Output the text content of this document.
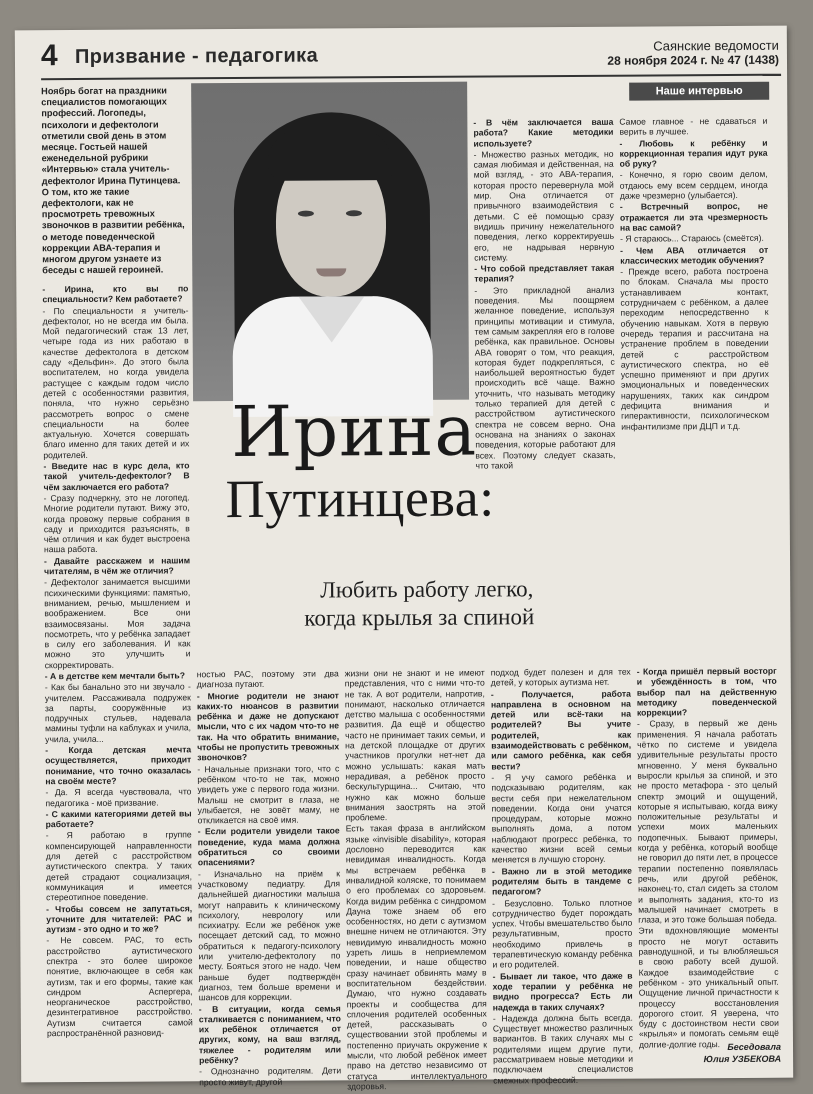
4 Призвание - педагогика	Саянские ведомости
28 ноября 2024 г. № 47 (1438)

Ноябрь богат на праздники специалистов помогающих профессий. Логопеды, психологи и дефектологи отметили свой день в этом месяце. Гостьей нашей еженедельной рубрики «Интервью» стала учитель-дефектолог Ирина Путинцева. О том, кто же такие дефектологи, как не просмотреть тревожных звоночков в развитии ребёнка, о методе поведенческой коррекции АВА-терапия и многом другом узнаете из беседы с нашей героиней.

Наше интервью

- Ирина, кто вы по специальности? Кем работаете?

- По специальности я учитель-дефектолог, но не всегда им была. Мой педагогический стаж 13 лет, четыре года из них работаю в качестве дефектолога в детском саду «Дельфин». До этого была воспитателем, но когда увидела растущее с каждым годом число детей с особенностями развития, поняла, что нужно серьёзно рассмотреть вопрос о смене специальности на более актуальную. Хочется совершать благо именно для таких детей и их родителей.

- Введите нас в курс дела, кто такой учитель-дефектолог? В чём заключается его работа?

- Сразу подчеркну, это не логопед. Многие родители путают. Вижу это, когда провожу первые собрания в саду и приходится разъяснять, в чём отличия и как будет выстроена наша работа.

- Давайте расскажем и нашим читателям, в чём же отличия?

- Дефектолог занимается высшими психическими функциями: памятью, вниманием, речью, мышлением и воображением. Все они взаимосвязаны. Моя задача посмотреть, что у ребёнка западает в силу его заболевания. И как можно это улучшить и скорректировать.

- А в детстве кем мечтали быть?

- Как бы банально это ни звучало - учителем. Рассаживала подружек за парты, сооружённые из подручных стульев, надевала мамины туфли на каблуках и учила, учила, учила...

- Когда детская мечта осуществляется, приходит понимание, что точно оказалась на своём месте?

- Да. Я всегда чувствовала, что педагогика - моё призвание.

- С какими категориями детей вы работаете?

- Я работаю в группе компенсирующей направленности для детей с расстройством аутистического спектра. У таких детей страдают социализация, коммуникация и имеется стереотипное поведение.

- Чтобы совсем не запутаться, уточните для читателей: РАС и аутизм - это одно и то же?

- Не совсем. РАС, то есть расстройство аутистического спектра - это более широкое понятие, включающее в себя как аутизм, так и его формы, такие как синдром Аспергера, неорганическое расстройство, дезинтегративное расстройство. Аутизм считается самой распространённой разновид-

- В чём заключается ваша работа? Какие методики используете?

- Множество разных методик, но самая любимая и действенная, на мой взгляд, - это АВА-терапия, которая просто перевернула мой мир. Она отличается от привычного взаимодействия с детьми. С её помощью сразу видишь причину нежелательного поведения, легко корректируешь его, не надрывая нервную систему.

- Что собой представляет такая терапия?

- Это прикладной анализ поведения. Мы поощряем желанное поведение, используя принципы мотивации и стимула, тем самым закрепляя его в голове ребёнка, как правильное. Основы АВА говорят о том, что реакция, которая будет подкрепляться, с наибольшей вероятностью будет происходить всё чаще. Важно уточнить, что называть методику только терапией для детей с расстройством аутистического спектра не совсем верно. Она основана на знаниях о законах поведения, которые работают для всех. Поэтому следует сказать, что такой

Самое главное - не сдаваться и верить в лучшее.

- Любовь к ребёнку и коррекционная терапия идут рука об руку?

- Конечно, я горю своим делом, отдаюсь ему всем сердцем, иногда даже чрезмерно (улыбается).

- Встречный вопрос, не отражается ли эта чрезмерность на вас самой?

- Я стараюсь... Стараюсь (смеётся).

- Чем АВА отличается от классических методик обучения?

- Прежде всего, работа построена по блокам. Сначала мы просто устанавливаем контакт, сотрудничаем с ребёнком, а далее переходим непосредственно к обучению навыкам. Хотя в первую очередь терапия и рассчитана на устранение проблем в поведении детей с расстройством аутистического спектра, но её успешно применяют и при других эмоциональных и поведенческих нарушениях, таких как синдром дефицита внимания и гиперактивности, психологическом инфантилизме при ДЦП и т.д.

Ирина
Путинцева:
Любить работу легко,
когда крылья за спиной

ностью РАС, поэтому эти два диагноза путают.

- Многие родители не знают каких-то нюансов в развитии ребёнка и даже не допускают мысли, что с их чадом что-то не так. На что обратить внимание, чтобы не пропустить тревожных звоночков?

- Начальные признаки того, что с ребёнком что-то не так, можно увидеть уже с первого года жизни. Малыш не смотрит в глаза, не улыбается, не зовёт маму, не откликается на своё имя.

- Если родители увидели такое поведение, куда мама должна обратиться со своими опасениями?

- Изначально на приём к участковому педиатру. Для дальнейшей диагностики малыша могут направить к клиническому психологу, неврологу или психиатру. Если же ребёнок уже посещает детский сад, то можно обратиться к педагогу-психологу или учителю-дефектологу по месту. Бояться этого не надо. Чем раньше будет подтверждён диагноз, тем больше времени и шансов для коррекции.

- В ситуации, когда семья сталкивается с пониманием, что их ребёнок отличается от других, кому, на ваш взгляд, тяжелее - родителям или ребёнку?

- Однозначно родителям. Дети просто живут, другой

жизни они не знают и не имеют представления, что с ними что-то не так. А вот родители, напротив, понимают, насколько отличается детство малыша с особенностями развития. Да ещё и общество часто не принимает таких семьи, и на детской площадке от других участников прогулки нет-нет да можно услышать: какая мать нерадивая, а ребёнок просто бескультурщина... Считаю, что нужно как можно больше внимания заострять на этой проблеме.

Есть такая фраза в английском языке «invisible disability», которая дословно переводится как невидимая инвалидность. Когда мы встречаем ребёнка в инвалидной коляске, то понимаем о его проблемах со здоровьем. Когда видим ребёнка с синдромом Дауна тоже знаем об его особенностях, но дети с аутизмом внешне ничем не отличаются. Эту невидимую инвалидность можно узреть лишь в неприемлемом поведении, и наше общество сразу начинает обвинять маму в воспитательном бездействии. Думаю, что нужно создавать проекты и сообщества для сплочения родителей особенных детей, рассказывать о существовании этой проблемы и постепенно приучать окружение к мысли, что любой ребёнок имеет право на детство независимо от статуса интеллектуального здоровья.

подход будет полезен и для тех детей, у которых аутизма нет.

- Получается, работа направлена в основном на детей или всё-таки на родителей? Вы учите родителей, как взаимодействовать с ребёнком, или самого ребёнка, как себя вести?

- Я учу самого ребёнка и подсказываю родителям, как вести себя при нежелательном поведении. Когда они учатся процедурам, которые можно выполнять дома, а потом наблюдают прогресс ребёнка, то качество жизни всей семьи меняется в лучшую сторону.

- Важно ли в этой методике родителям быть в тандеме с педагогом?

- Безусловно. Только плотное сотрудничество будет порождать успех. Чтобы вмешательство было результативным, просто необходимо привлечь в терапевтическую команду ребёнка и его родителей.

- Бывает ли такое, что даже в ходе терапии у ребёнка не видно прогресса? Есть ли надежда в таких случаях?

- Надежда должна быть всегда. Существует множество различных вариантов. В таких случаях мы с родителями ищем другие пути, рассматриваем новые методики и подключаем специалистов смежных профессий.

- Когда пришёл первый восторг и убеждённость в том, что выбор пал на действенную методику поведенческой коррекции?

- Сразу, в первый же день применения. Я начала работать чётко по системе и увидела удивительные результаты просто мгновенно. У меня буквально выросли крылья за спиной, и это не просто метафора - это целый спектр эмоций и ощущений, которые я испытываю, когда вижу положительные результаты и успехи моих маленьких подопечных. Бывают примеры, когда у ребёнка, который вообще не говорил до пяти лет, в процессе терапии постепенно появлялась речь, или другой ребёнок, наконец-то, стал сидеть за столом и выполнять задания, кто-то из малышей начинает смотреть в глаза, и это тоже большая победа.

Эти вдохновляющие моменты просто не могут оставить равнодушной, и ты влюбляешься в свою работу всей душой. Каждое взаимодействие с ребёнком - это уникальный опыт. Ощущение личной причастности к процессу восстановления дорогого стоит. Я уверена, что буду с достоинством нести свои «крылья» и помогать семьям ещё долгие-долгие годы. Беседовала
Юлия УЗБЕКОВА
